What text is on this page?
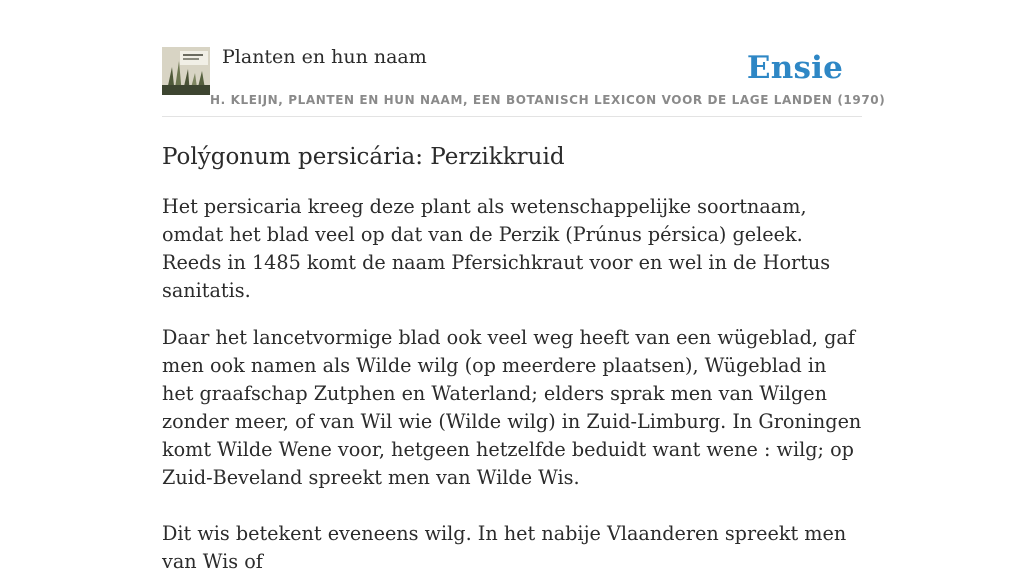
Planten en hun naam	Ensie
H. KLEIJN, PLANTEN EN HUN NAAM, EEN BOTANISCH LEXICON VOOR DE LAGE LANDEN (1970)
Polýgonum persicária: Perzikkruid

Het persicaria kreeg deze plant als wetenschappelijke soortnaam, omdat het blad veel op dat van de Perzik (Prúnus pérsica) geleek. Reeds in 1485 komt de naam Pfersichkraut voor en wel in de Hortus sanitatis.

Daar het lancetvormige blad ook veel weg heeft van een wügeblad, gaf men ook namen als Wilde wilg (op meerdere plaatsen), Wügeblad in het graafschap Zutphen en Waterland; elders sprak men van Wilgen zonder meer, of van Wil wie (Wilde wilg) in Zuid-Limburg. In Groningen komt Wilde Wene voor, hetgeen hetzelfde beduidt want wene : wilg; op Zuid-Beveland spreekt men van Wilde Wis.

Dit wis betekent eveneens wilg. In het nabije Vlaanderen spreekt men van Wis of
